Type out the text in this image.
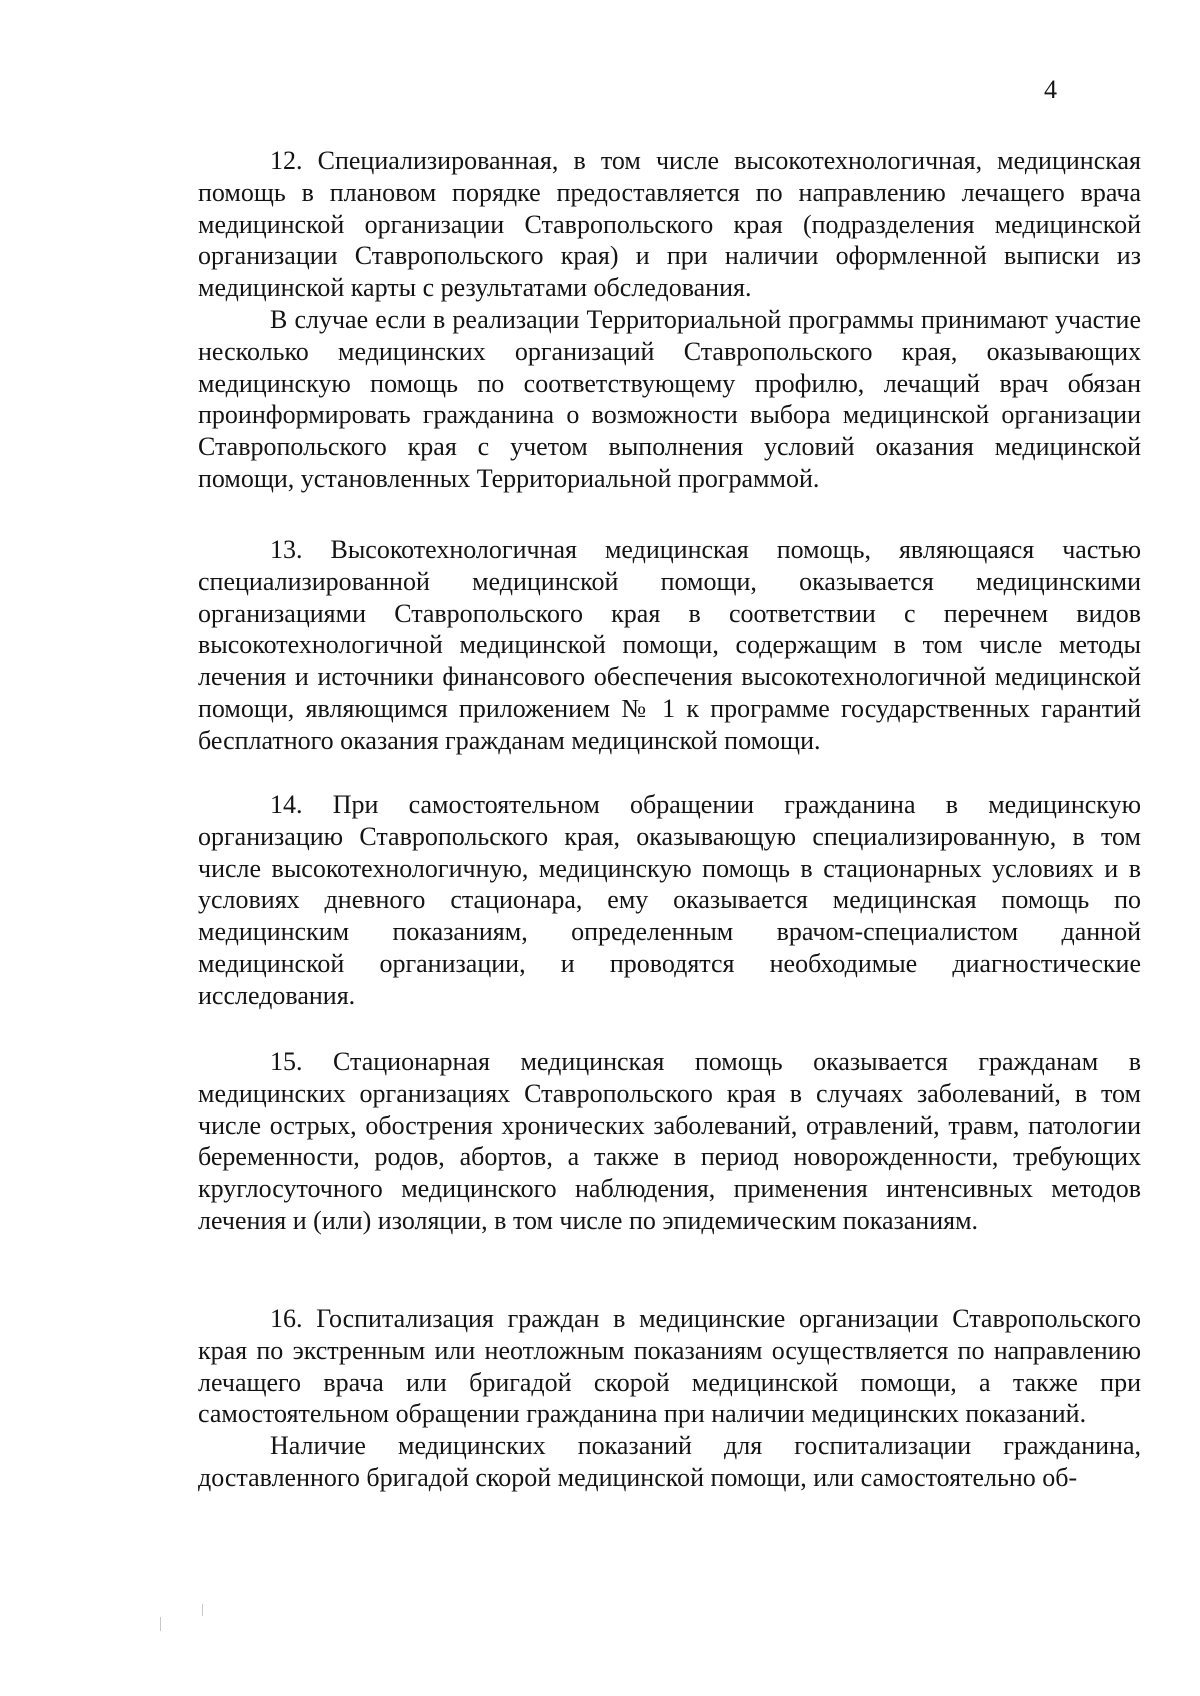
4

12. Специализированная, в том числе высокотехнологичная, медицинская помощь в плановом порядке предоставляется по направлению лечащего врача медицинской организации Ставропольского края (подразделения медицинской организации Ставропольского края) и при наличии оформленной выписки из медицинской карты с результатами обследования.

В случае если в реализации Территориальной программы принимают участие несколько медицинских организаций Ставропольского края, оказывающих медицинскую помощь по соответствующему профилю, лечащий врач обязан проинформировать гражданина о возможности выбора медицинской организации Ставропольского края с учетом выполнения условий оказания медицинской помощи, установленных Территориальной программой.

13. Высокотехнологичная медицинская помощь, являющаяся частью специализированной медицинской помощи, оказывается медицинскими организациями Ставропольского края в соответствии с перечнем видов высокотехнологичной медицинской помощи, содержащим в том числе методы лечения и источники финансового обеспечения высокотехнологичной медицинской помощи, являющимся приложением № 1 к программе государственных гарантий бесплатного оказания гражданам медицинской помощи.

14. При самостоятельном обращении гражданина в медицинскую организацию Ставропольского края, оказывающую специализированную, в том числе высокотехнологичную, медицинскую помощь в стационарных условиях и в условиях дневного стационара, ему оказывается медицинская помощь по медицинским показаниям, определенным врачом-специалистом данной медицинской организации, и проводятся необходимые диагностические исследования.

15. Стационарная медицинская помощь оказывается гражданам в медицинских организациях Ставропольского края в случаях заболеваний, в том числе острых, обострения хронических заболеваний, отравлений, травм, патологии беременности, родов, абортов, а также в период новорожденности, требующих круглосуточного медицинского наблюдения, применения интенсивных методов лечения и (или) изоляции, в том числе по эпидемическим показаниям.

16. Госпитализация граждан в медицинские организации Ставропольского края по экстренным или неотложным показаниям осуществляется по направлению лечащего врача или бригадой скорой медицинской помощи, а также при самостоятельном обращении гражданина при наличии медицинских показаний.

Наличие медицинских показаний для госпитализации гражданина, доставленного бригадой скорой медицинской помощи, или самостоятельно об-
